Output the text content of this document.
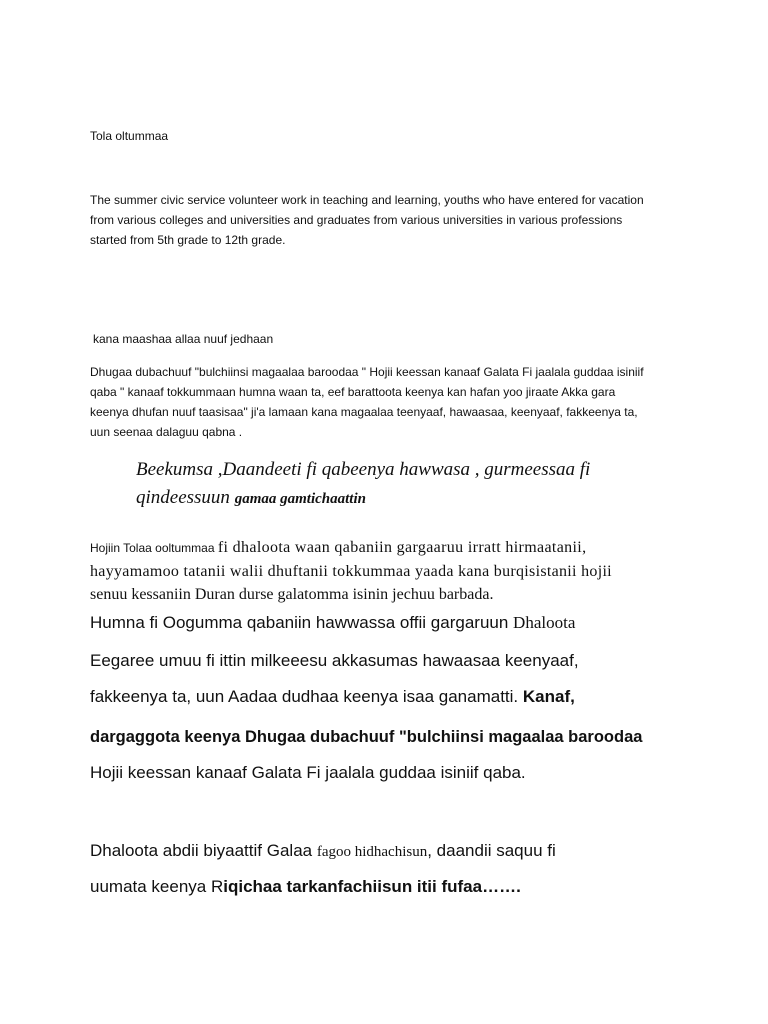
Tola oltummaa

The summer civic service volunteer work in teaching and learning, youths who have entered for vacation
from various colleges and universities and graduates from various universities in various professions
started from 5th grade to 12th grade.

kana maashaa allaa nuuf jedhaan

Dhugaa dubachuuf "bulchiinsi magaalaa baroodaa " Hojii keessan kanaaf Galata Fi jaalala guddaa isiniif
qaba " kanaaf tokkummaan humna waan ta, eef barattoota keenya kan hafan yoo jiraate Akka gara
keenya dhufan nuuf taasisaa" ji'a lamaan kana magaalaa teenyaaf, hawaasaa, keenyaaf, fakkeenya ta,
uun seenaa dalaguu qabna .
Beekumsa ,Daandeeti fi qabeenya hawwasa , gurmeessaa fi
qindeessuun gamaa gamtichaattin
Hojiin Tolaa ooltummaa fi dhaloota waan qabaniin gargaaruu irratt hirmaatanii,
hayyamamoo tatanii walii dhuftanii tokkummaa yaada kana burqisistanii hojii
senuu kessaniin Duran durse galatomma isinin jechuu barbada.
Humna fi Oogumma qabaniin hawwassa offii gargaruun Dhaloota
Eegaree umuu fi ittin milkeeesu akkasumas hawaasaa keenyaaf,
fakkeenya ta, uun Aadaa dudhaa keenya isaa ganamatti. Kanaf,
dargaggota keenya Dhugaa dubachuuf "bulchiinsi magaalaa baroodaa
Hojii keessan kanaaf Galata Fi jaalala guddaa isiniif qaba.
Dhaloota abdii biyaattif Galaa fagoo hidhachisun, daandii saquu fi
uumata keenya Riqichaa tarkanfachiisun itii fufaa…….
